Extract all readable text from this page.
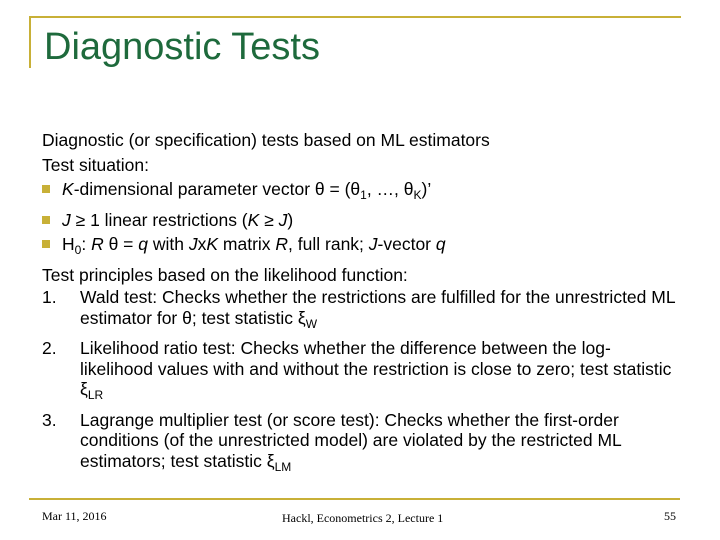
Diagnostic Tests
Diagnostic (or specification) tests based on ML estimators
Test situation:
K-dimensional parameter vector $\theta = (\theta_1$, …, $\theta_K$)’
J ≥ 1 linear restrictions (K ≥ J)
$H_0$: R θ = q with JxK matrix R, full rank; J-vector q
Test principles based on the likelihood function:
1. Wald test: Checks whether the restrictions are fulfilled for the unrestricted ML estimator for θ; test statistic $\xi_W$
2. Likelihood ratio test: Checks whether the difference between the log-likelihood values with and without the restriction is close to zero; test statistic $\xi_{LR}$
3. Lagrange multiplier test (or score test): Checks whether the first-order conditions (of the unrestricted model) are violated by the restricted ML estimators; test statistic $\xi_{LM}$
Mar 11, 2016	Hackl, Econometrics 2, Lecture 1	55
